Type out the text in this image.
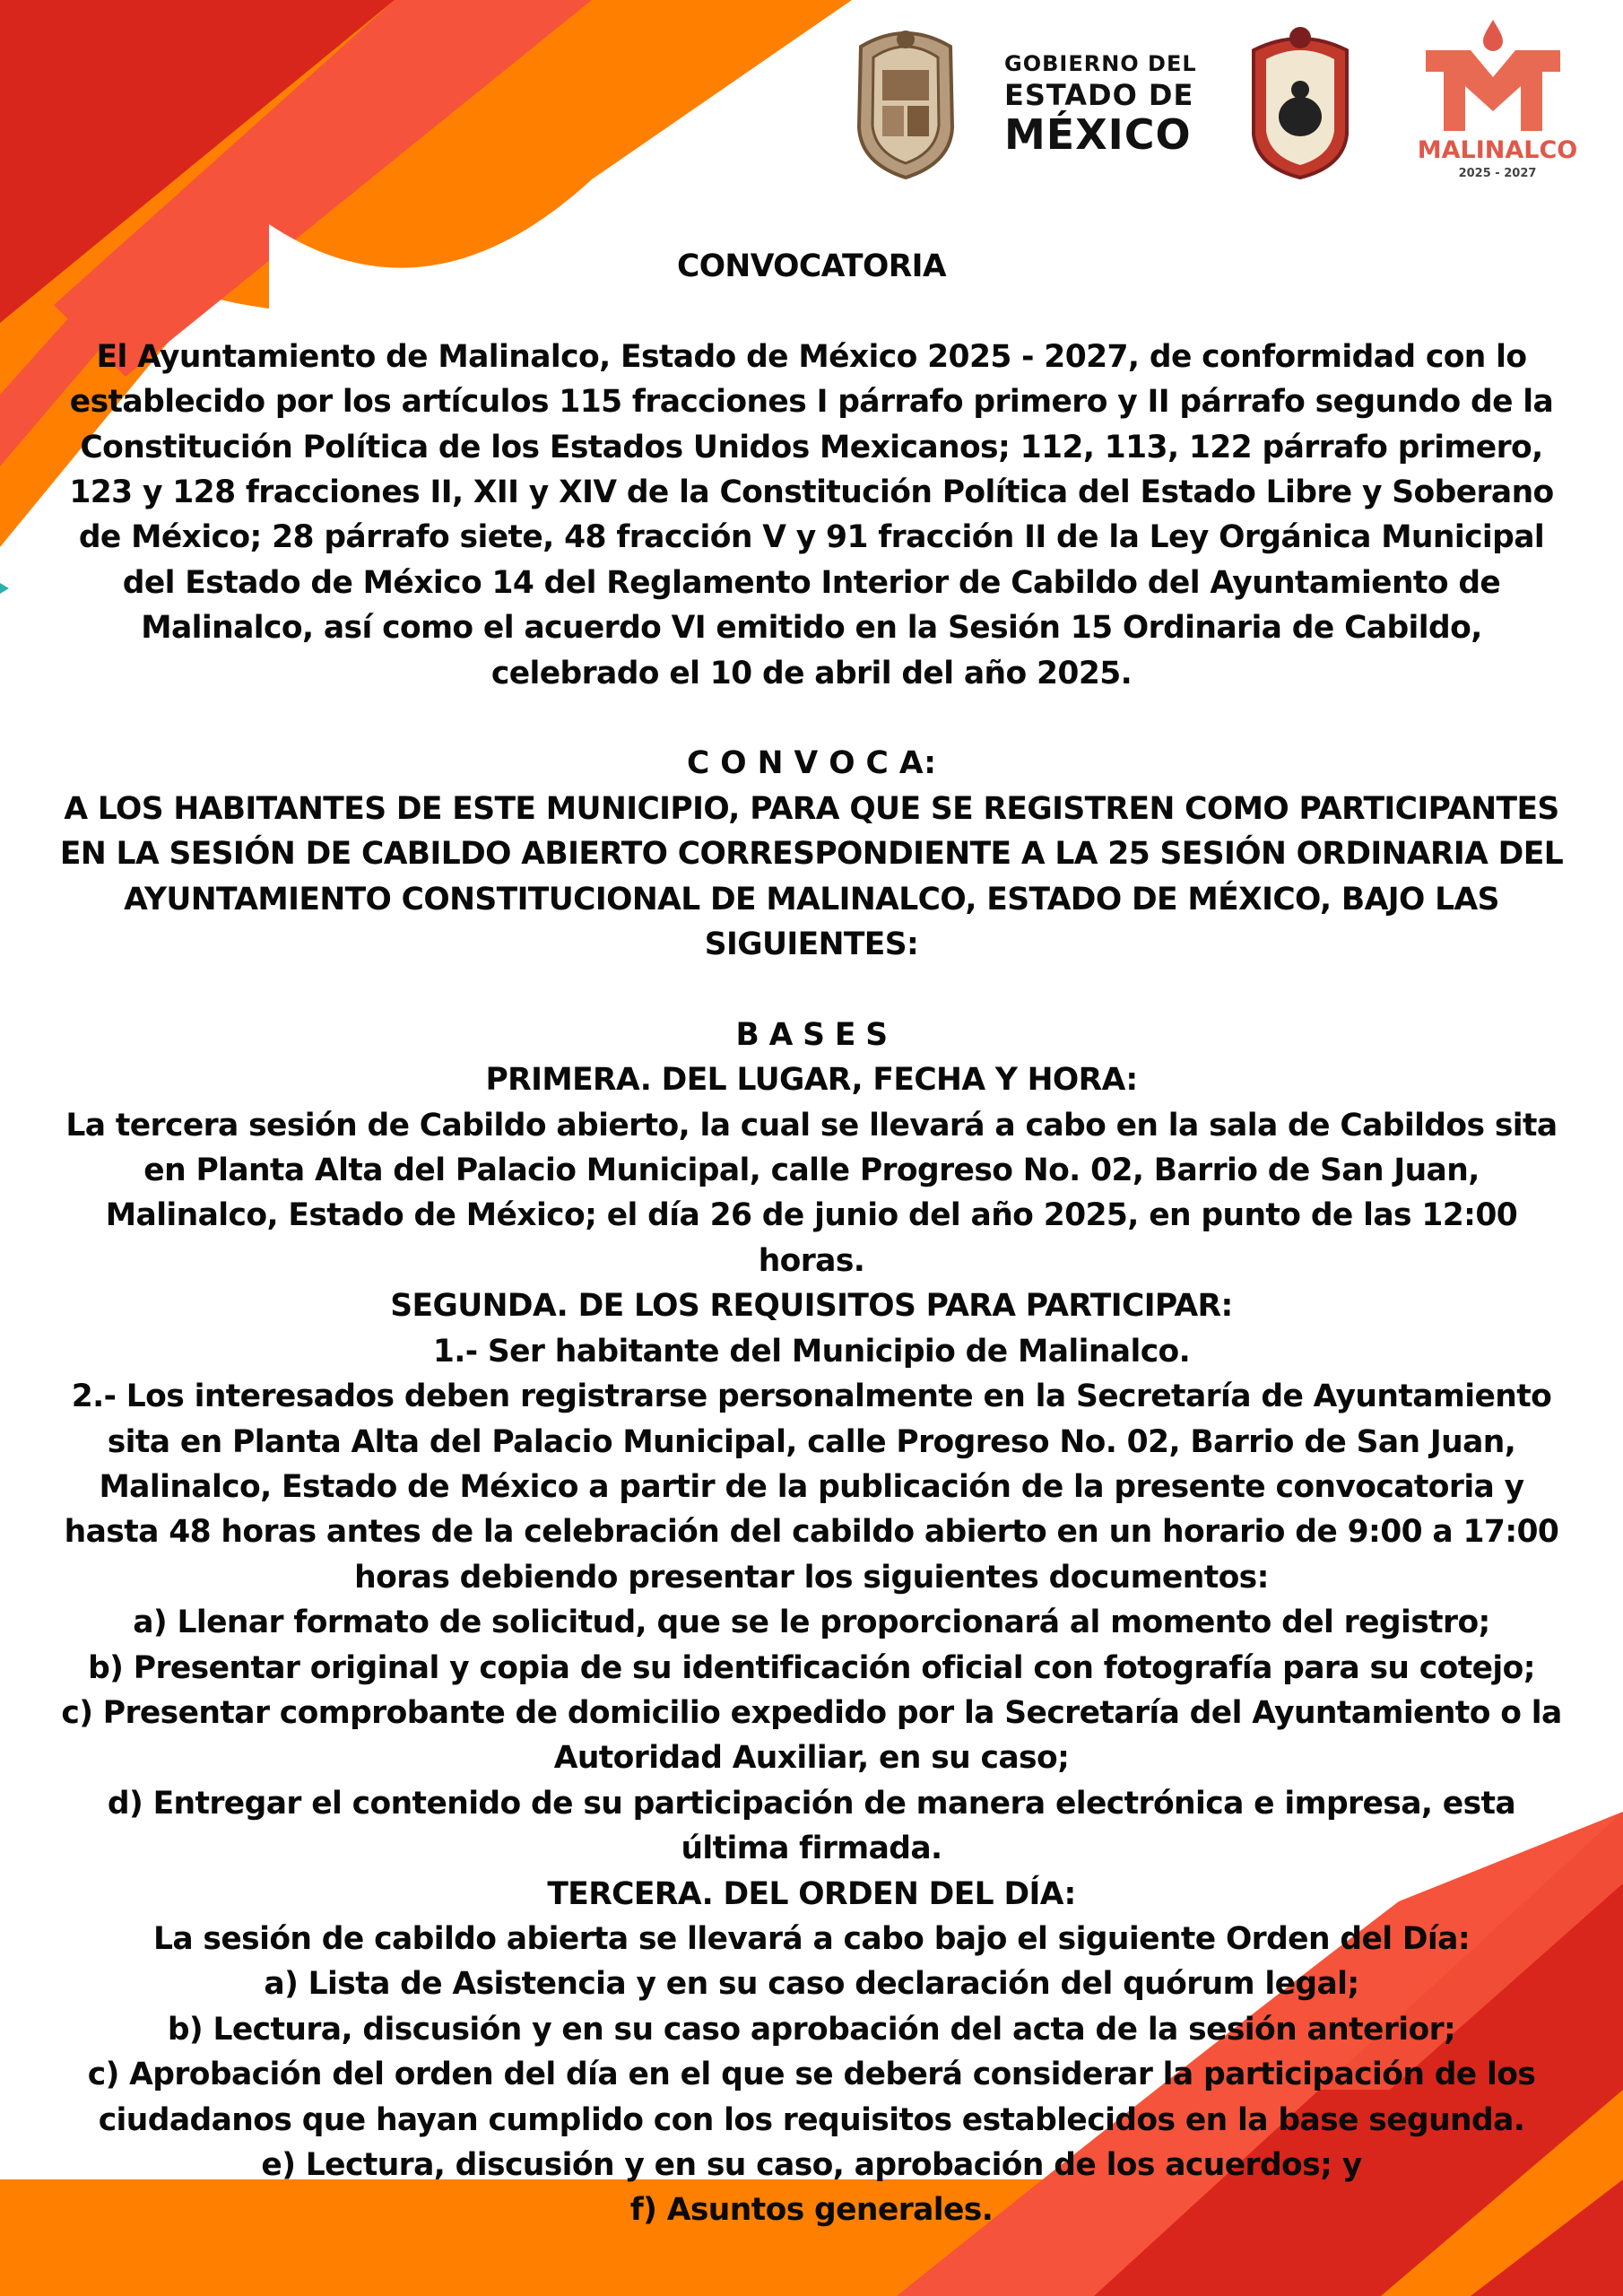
GOBIERNO DEL
ESTADO DE
MÉXICO	MALINALCO
2025 - 2027

CONVOCATORIA

El Ayuntamiento de Malinalco, Estado de México 2025 - 2027, de conformidad con lo establecido por los artículos 115 fracciones I párrafo primero y II párrafo segundo de la Constitución Política de los Estados Unidos Mexicanos; 112, 113, 122 párrafo primero, 123 y 128 fracciones II, XII y XIV de la Constitución Política del Estado Libre y Soberano de México; 28 párrafo siete, 48 fracción V y 91 fracción II de la Ley Orgánica Municipal del Estado de México 14 del Reglamento Interior de Cabildo del Ayuntamiento de Malinalco, así como el acuerdo VI emitido en la Sesión 15 Ordinaria de Cabildo, celebrado el 10 de abril del año 2025.

C O N V O C A:

A LOS HABITANTES DE ESTE MUNICIPIO, PARA QUE SE REGISTREN COMO PARTICIPANTES EN LA SESIÓN DE CABILDO ABIERTO CORRESPONDIENTE A LA 25 SESIÓN ORDINARIA DEL AYUNTAMIENTO CONSTITUCIONAL DE MALINALCO, ESTADO DE MÉXICO, BAJO LAS SIGUIENTES:

B A S E S

PRIMERA. DEL LUGAR, FECHA Y HORA:

La tercera sesión de Cabildo abierto, la cual se llevará a cabo en la sala de Cabildos sita en Planta Alta del Palacio Municipal, calle Progreso No. 02, Barrio de San Juan, Malinalco, Estado de México; el día 26 de junio del año 2025, en punto de las 12:00 horas.

SEGUNDA. DE LOS REQUISITOS PARA PARTICIPAR:

1.- Ser habitante del Municipio de Malinalco.

2.- Los interesados deben registrarse personalmente en la Secretaría de Ayuntamiento sita en Planta Alta del Palacio Municipal, calle Progreso No. 02, Barrio de San Juan, Malinalco, Estado de México a partir de la publicación de la presente convocatoria y hasta 48 horas antes de la celebración del cabildo abierto en un horario de 9:00 a 17:00 horas debiendo presentar los siguientes documentos:

a) Llenar formato de solicitud, que se le proporcionará al momento del registro;

b) Presentar original y copia de su identificación oficial con fotografía para su cotejo;

c) Presentar comprobante de domicilio expedido por la Secretaría del Ayuntamiento o la Autoridad Auxiliar, en su caso;

d) Entregar el contenido de su participación de manera electrónica e impresa, esta última firmada.

TERCERA. DEL ORDEN DEL DÍA:

La sesión de cabildo abierta se llevará a cabo bajo el siguiente Orden del Día:

a) Lista de Asistencia y en su caso declaración del quórum legal;

b) Lectura, discusión y en su caso aprobación del acta de la sesión anterior;

c) Aprobación del orden del día en el que se deberá considerar la participación de los ciudadanos que hayan cumplido con los requisitos establecidos en la base segunda.

e) Lectura, discusión y en su caso, aprobación de los acuerdos; y

f) Asuntos generales.
